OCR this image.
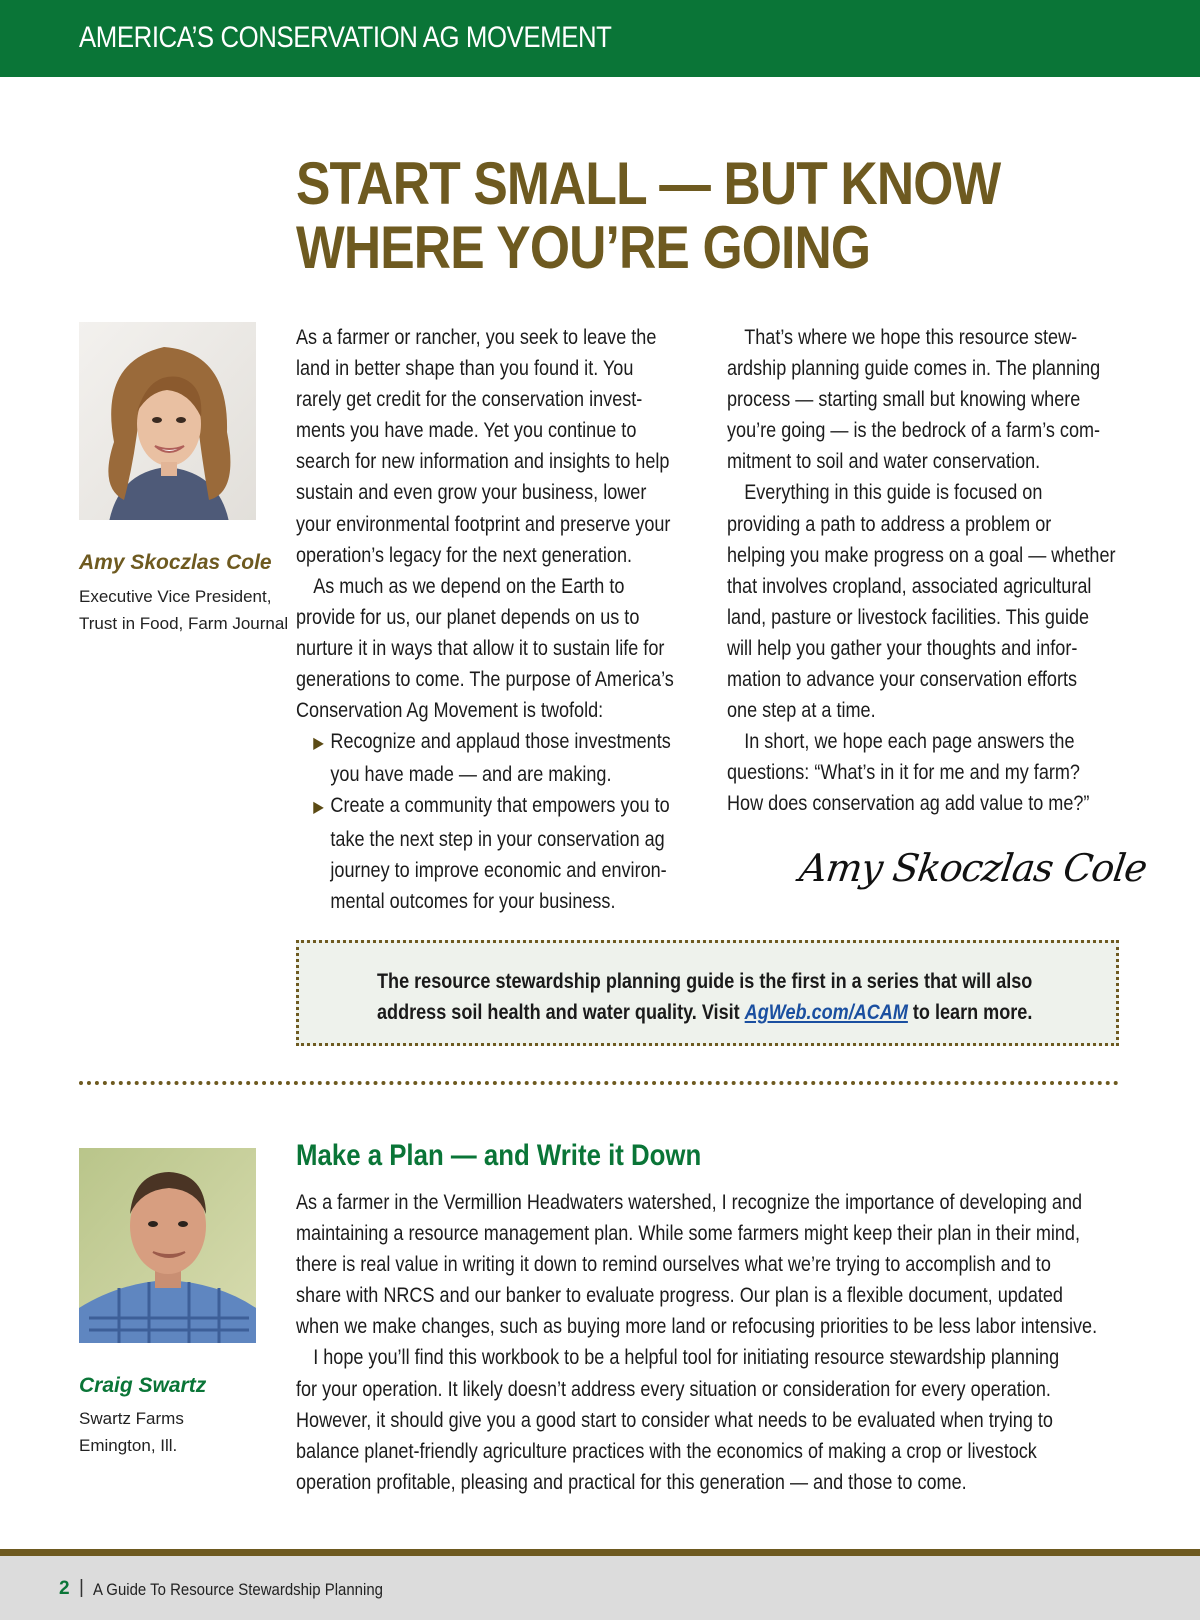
AMERICA’S CONSERVATION AG MOVEMENT
START SMALL — BUT KNOW
WHERE YOU’RE GOING
Amy Skoczlas Cole
Executive Vice President,
Trust in Food, Farm Journal
As a farmer or rancher, you seek to leave the
land in better shape than you found it. You
rarely get credit for the conservation invest-
ments you have made. Yet you continue to
search for new information and insights to help
sustain and even grow your business, lower
your environmental footprint and preserve your
operation’s legacy for the next generation.
As much as we depend on the Earth to
provide for us, our planet depends on us to
nurture it in ways that allow it to sustain life for
generations to come. The purpose of America’s
Conservation Ag Movement is twofold:
▶ Recognize and applaud those investments
you have made — and are making.
▶ Create a community that empowers you to
take the next step in your conservation ag
journey to improve economic and environ-
mental outcomes for your business.
That’s where we hope this resource stew-
ardship planning guide comes in. The planning
process — starting small but knowing where
you’re going — is the bedrock of a farm’s com-
mitment to soil and water conservation.
Everything in this guide is focused on
providing a path to address a problem or
helping you make progress on a goal — whether
that involves cropland, associated agricultural
land, pasture or livestock facilities. This guide
will help you gather your thoughts and infor-
mation to advance your conservation efforts
one step at a time.
In short, we hope each page answers the
questions: “What’s in it for me and my farm?
How does conservation ag add value to me?”
Amy Skoczlas Cole
The resource stewardship planning guide is the first in a series that will also
address soil health and water quality. Visit AgWeb.com/ACAM to learn more.
Craig Swartz
Swartz Farms
Emington, Ill.
Make a Plan — and Write it Down
As a farmer in the Vermillion Headwaters watershed, I recognize the importance of developing and
maintaining a resource management plan. While some farmers might keep their plan in their mind,
there is real value in writing it down to remind ourselves what we’re trying to accomplish and to
share with NRCS and our banker to evaluate progress. Our plan is a flexible document, updated
when we make changes, such as buying more land or refocusing priorities to be less labor intensive.
I hope you’ll find this workbook to be a helpful tool for initiating resource stewardship planning
for your operation. It likely doesn’t address every situation or consideration for every operation.
However, it should give you a good start to consider what needs to be evaluated when trying to
balance planet-friendly agriculture practices with the economics of making a crop or livestock
operation profitable, pleasing and practical for this generation — and those to come.
2 | A Guide To Resource Stewardship Planning
